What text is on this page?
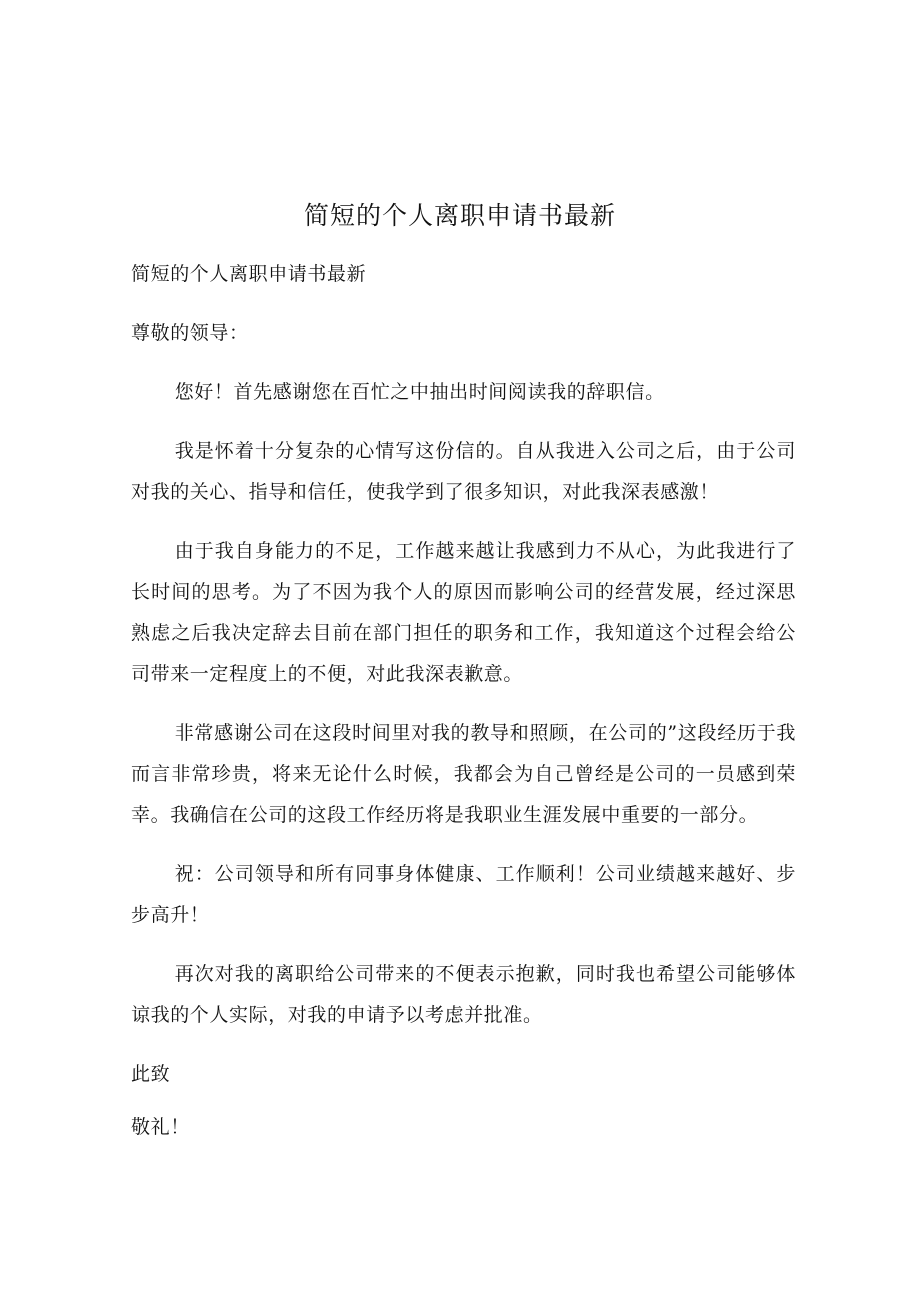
简短的个人离职申请书最新

简短的个人离职申请书最新

尊敬的领导：

您好！首先感谢您在百忙之中抽出时间阅读我的辞职信。

我是怀着十分复杂的心情写这份信的。自从我进入公司之后，由于公司对我的关心、指导和信任，使我学到了很多知识，对此我深表感激！

由于我自身能力的不足，工作越来越让我感到力不从心，为此我进行了长时间的思考。为了不因为我个人的原因而影响公司的经营发展，经过深思熟虑之后我决定辞去目前在部门担任的职务和工作，我知道这个过程会给公司带来一定程度上的不便，对此我深表歉意。

非常感谢公司在这段时间里对我的教导和照顾，在公司的”这段经历于我而言非常珍贵，将来无论什么时候，我都会为自己曾经是公司的一员感到荣幸。我确信在公司的这段工作经历将是我职业生涯发展中重要的一部分。

祝：公司领导和所有同事身体健康、工作顺利！公司业绩越来越好、步步高升！

再次对我的离职给公司带来的不便表示抱歉，同时我也希望公司能够体谅我的个人实际，对我的申请予以考虑并批准。

此致

敬礼！
